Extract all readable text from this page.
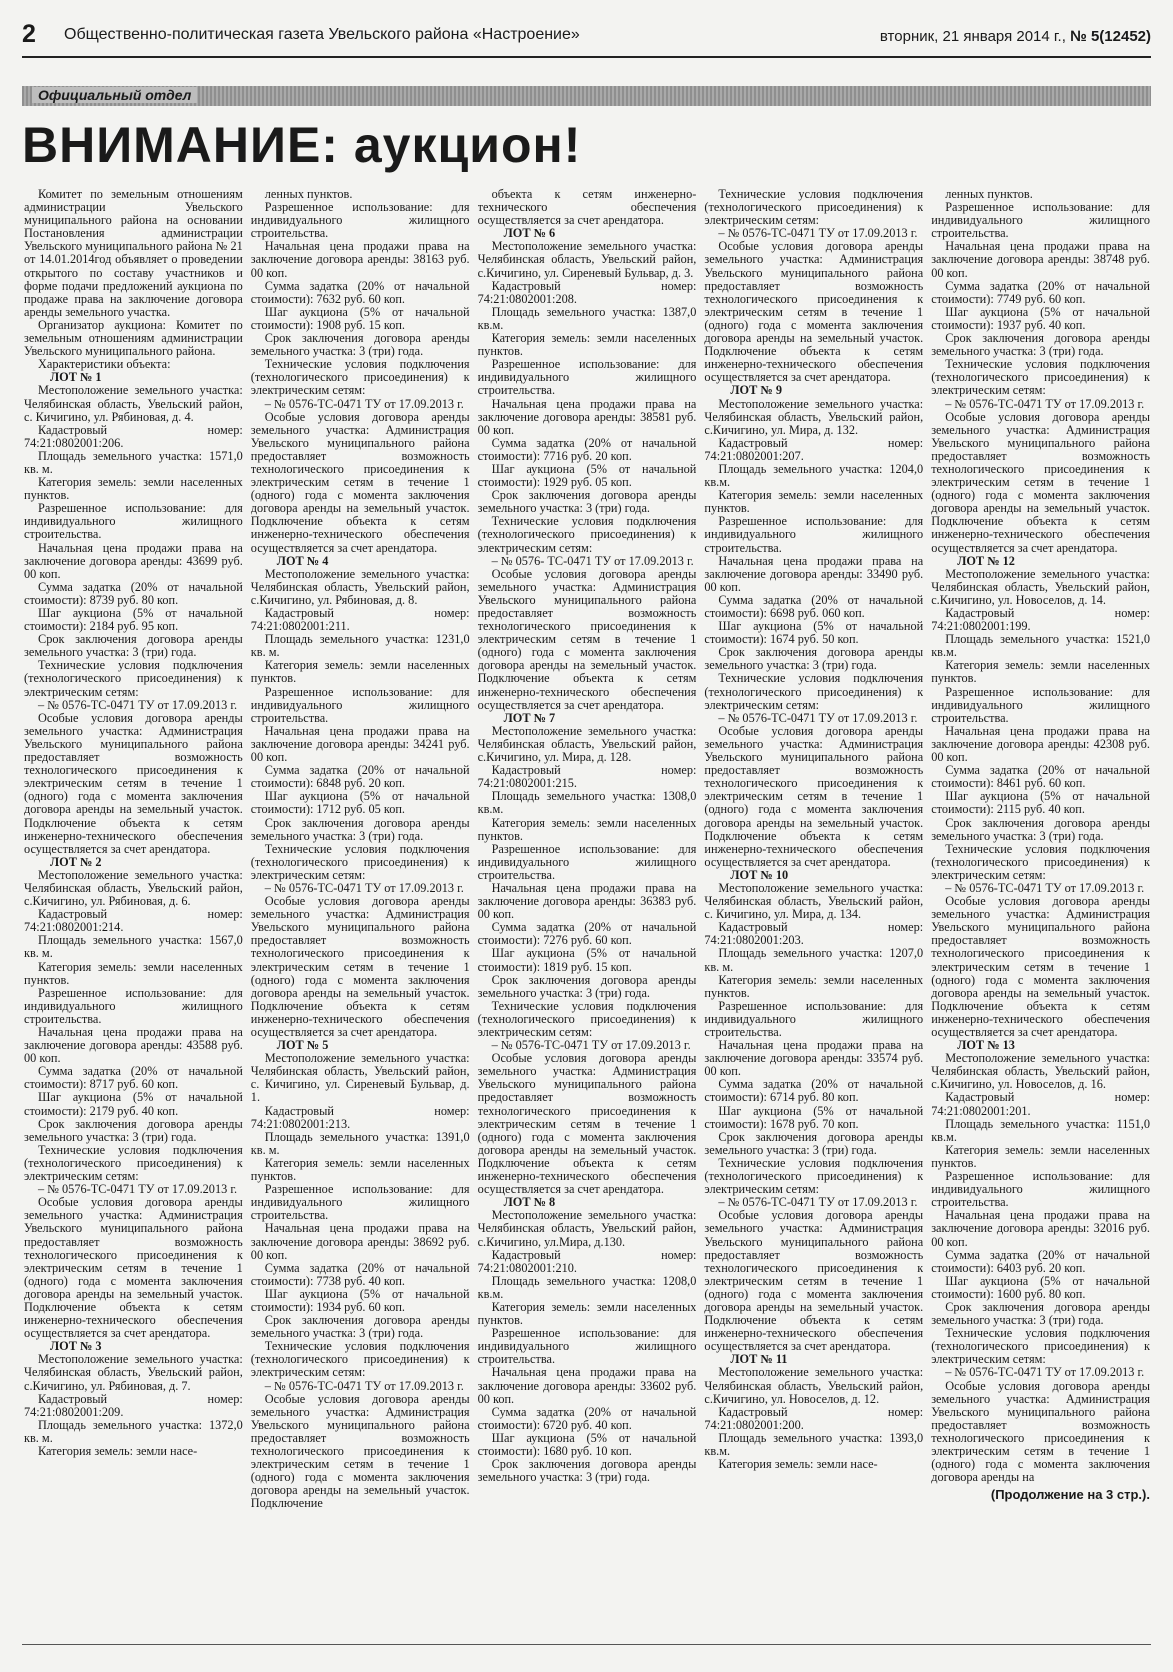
2 Общественно-политическая газета Увельского района «Настроение»	вторник, 21 января 2014 г., № 5(12452)
Официальный отдел
ВНИМАНИЕ: аукцион!

Комитет по земельным отношениям администрации Увельского муниципального района на основании Постановления администрации Увельского муниципального района № 21 от 14.01.2014год объявляет о проведении открытого по составу участников и форме подачи предложений аукциона по продаже права на заключение договора аренды земельного участка.

Организатор аукциона: Комитет по земельным отношениям администрации Увельского муниципального района.

Характеристики объекта:

ЛОТ № 1

Местоположение земельного участка: Челябинская область, Увельский район, с. Кичигино, ул. Рябиновая, д. 4.

Кадастровый номер: 74:21:0802001:206.

Площадь земельного участка: 1571,0 кв. м.

Категория земель: земли населенных пунктов.

Разрешенное использование: для индивидуального жилищного строительства.

Начальная цена продажи права на заключение договора аренды: 43699 руб. 00 коп.

Сумма задатка (20% от начальной стоимости): 8739 руб. 80 коп.

Шаг аукциона (5% от начальной стоимости): 2184 руб. 95 коп.

Срок заключения договора аренды земельного участка: 3 (три) года.

Технические условия подключения (технологического присоединения) к электрическим сетям:

– № 0576-ТС-0471 ТУ от 17.09.2013 г.

Особые условия договора аренды земельного участка: Администрация Увельского муниципального района предоставляет возможность технологического присоединения к электрическим сетям в течение 1 (одного) года с момента заключения договора аренды на земельный участок. Подключение объекта к сетям инженерно-технического обеспечения осуществляется за счет арендатора.

ЛОТ № 2

Местоположение земельного участка: Челябинская область, Увельский район, с.Кичигино, ул. Рябиновая, д. 6.

Кадастровый номер: 74:21:0802001:214.

Площадь земельного участка: 1567,0 кв. м.

Категория земель: земли населенных пунктов.

Разрешенное использование: для индивидуального жилищного строительства.

Начальная цена продажи права на заключение договора аренды: 43588 руб. 00 коп.

Сумма задатка (20% от начальной стоимости): 8717 руб. 60 коп.

Шаг аукциона (5% от начальной стоимости): 2179 руб. 40 коп.

Срок заключения договора аренды земельного участка: 3 (три) года.

Технические условия подключения (технологического присоединения) к электрическим сетям:

– № 0576-ТС-0471 ТУ от 17.09.2013 г.

Особые условия договора аренды земельного участка: Администрация Увельского муниципального района предоставляет возможность технологического присоединения к электрическим сетям в течение 1 (одного) года с момента заключения договора аренды на земельный участок. Подключение объекта к сетям инженерно-технического обеспечения осуществляется за счет арендатора.

ЛОТ № 3

Местоположение земельного участка: Челябинская область, Увельский район, с.Кичигино, ул. Рябиновая, д. 7.

Кадастровый номер: 74:21:0802001:209.

Площадь земельного участка: 1372,0 кв. м.

Категория земель: земли насе-

ленных пунктов.

Разрешенное использование: для индивидуального жилищного строительства.

Начальная цена продажи права на заключение договора аренды: 38163 руб. 00 коп.

Сумма задатка (20% от начальной стоимости): 7632 руб. 60 коп.

Шаг аукциона (5% от начальной стоимости): 1908 руб. 15 коп.

Срок заключения договора аренды земельного участка: 3 (три) года.

Технические условия подключения (технологического присоединения) к электрическим сетям:

– № 0576-ТС-0471 ТУ от 17.09.2013 г.

Особые условия договора аренды земельного участка: Администрация Увельского муниципального района предоставляет возможность технологического присоединения к электрическим сетям в течение 1 (одного) года с момента заключения договора аренды на земельный участок. Подключение объекта к сетям инженерно-технического обеспечения осуществляется за счет арендатора.

ЛОТ № 4

Местоположение земельного участка: Челябинская область, Увельский район, с.Кичигино, ул. Рябиновая, д. 8.

Кадастровый номер: 74:21:0802001:211.

Площадь земельного участка: 1231,0 кв. м.

Категория земель: земли населенных пунктов.

Разрешенное использование: для индивидуального жилищного строительства.

Начальная цена продажи права на заключение договора аренды: 34241 руб. 00 коп.

Сумма задатка (20% от начальной стоимости): 6848 руб. 20 коп.

Шаг аукциона (5% от начальной стоимости): 1712 руб. 05 коп.

Срок заключения договора аренды земельного участка: 3 (три) года.

Технические условия подключения (технологического присоединения) к электрическим сетям:

– № 0576-ТС-0471 ТУ от 17.09.2013 г.

Особые условия договора аренды земельного участка: Администрация Увельского муниципального района предоставляет возможность технологического присоединения к электрическим сетям в течение 1 (одного) года с момента заключения договора аренды на земельный участок. Подключение объекта к сетям инженерно-технического обеспечения осуществляется за счет арендатора.

ЛОТ № 5

Местоположение земельного участка: Челябинская область, Увельский район, с. Кичигино, ул. Сиреневый Бульвар, д. 1.

Кадастровый номер: 74:21:0802001:213.

Площадь земельного участка: 1391,0 кв. м.

Категория земель: земли населенных пунктов.

Разрешенное использование: для индивидуального жилищного строительства.

Начальная цена продажи права на заключение договора аренды: 38692 руб. 00 коп.

Сумма задатка (20% от начальной стоимости): 7738 руб. 40 коп.

Шаг аукциона (5% от начальной стоимости): 1934 руб. 60 коп.

Срок заключения договора аренды земельного участка: 3 (три) года.

Технические условия подключения (технологического присоединения) к электрическим сетям:

– № 0576-ТС-0471 ТУ от 17.09.2013 г.

Особые условия договора аренды земельного участка: Администрация Увельского муниципального района предоставляет возможность технологического присоединения к электрическим сетям в течение 1 (одного) года с момента заключения договора аренды на земельный участок. Подключение

объекта к сетям инженерно-технического обеспечения осуществляется за счет арендатора.

ЛОТ № 6

Местоположение земельного участка: Челябинская область, Увельский район, с.Кичигино, ул. Сиреневый Бульвар, д. 3.

Кадастровый номер: 74:21:0802001:208.

Площадь земельного участка: 1387,0 кв.м.

Категория земель: земли населенных пунктов.

Разрешенное использование: для индивидуального жилищного строительства.

Начальная цена продажи права на заключение договора аренды: 38581 руб. 00 коп.

Сумма задатка (20% от начальной стоимости): 7716 руб. 20 коп.

Шаг аукциона (5% от начальной стоимости): 1929 руб. 05 коп.

Срок заключения договора аренды земельного участка: 3 (три) года.

Технические условия подключения (технологического присоединения) к электрическим сетям:

– № 0576- ТС-0471 ТУ от 17.09.2013 г.

Особые условия договора аренды земельного участка: Администрация Увельского муниципального района предоставляет возможность технологического присоединения к электрическим сетям в течение 1 (одного) года с момента заключения договора аренды на земельный участок. Подключение объекта к сетям инженерно-технического обеспечения осуществляется за счет арендатора.

ЛОТ № 7

Местоположение земельного участка: Челябинская область, Увельский район, с.Кичигино, ул. Мира, д. 128.

Кадастровый номер: 74:21:0802001:215.

Площадь земельного участка: 1308,0 кв.м.

Категория земель: земли населенных пунктов.

Разрешенное использование: для индивидуального жилищного строительства.

Начальная цена продажи права на заключение договора аренды: 36383 руб. 00 коп.

Сумма задатка (20% от начальной стоимости): 7276 руб. 60 коп.

Шаг аукциона (5% от начальной стоимости): 1819 руб. 15 коп.

Срок заключения договора аренды земельного участка: 3 (три) года.

Технические условия подключения (технологического присоединения) к электрическим сетям:

– № 0576-ТС-0471 ТУ от 17.09.2013 г.

Особые условия договора аренды земельного участка: Администрация Увельского муниципального района предоставляет возможность технологического присоединения к электрическим сетям в течение 1 (одного) года с момента заключения договора аренды на земельный участок. Подключение объекта к сетям инженерно-технического обеспечения осуществляется за счет арендатора.

ЛОТ № 8

Местоположение земельного участка: Челябинская область, Увельский район, с.Кичигино, ул.Мира, д.130.

Кадастровый номер: 74:21:0802001:210.

Площадь земельного участка: 1208,0 кв.м.

Категория земель: земли населенных пунктов.

Разрешенное использование: для индивидуального жилищного строительства.

Начальная цена продажи права на заключение договора аренды: 33602 руб. 00 коп.

Сумма задатка (20% от начальной стоимости): 6720 руб. 40 коп.

Шаг аукциона (5% от начальной стоимости): 1680 руб. 10 коп.

Срок заключения договора аренды земельного участка: 3 (три) года.

Технические условия подключения (технологического присоединения) к электрическим сетям:

– № 0576-ТС-0471 ТУ от 17.09.2013 г.

Особые условия договора аренды земельного участка: Администрация Увельского муниципального района предоставляет возможность технологического присоединения к электрическим сетям в течение 1 (одного) года с момента заключения договора аренды на земельный участок. Подключение объекта к сетям инженерно-технического обеспечения осуществляется за счет арендатора.

ЛОТ № 9

Местоположение земельного участка: Челябинская область, Увельский район, с.Кичигино, ул. Мира, д. 132.

Кадастровый номер: 74:21:0802001:207.

Площадь земельного участка: 1204,0 кв.м.

Категория земель: земли населенных пунктов.

Разрешенное использование: для индивидуального жилищного строительства.

Начальная цена продажи права на заключение договора аренды: 33490 руб. 00 коп.

Сумма задатка (20% от начальной стоимости): 6698 руб. 060 коп.

Шаг аукциона (5% от начальной стоимости): 1674 руб. 50 коп.

Срок заключения договора аренды земельного участка: 3 (три) года.

Технические условия подключения (технологического присоединения) к электрическим сетям:

– № 0576-ТС-0471 ТУ от 17.09.2013 г.

Особые условия договора аренды земельного участка: Администрация Увельского муниципального района предоставляет возможность технологического присоединения к электрическим сетям в течение 1 (одного) года с момента заключения договора аренды на земельный участок. Подключение объекта к сетям инженерно-технического обеспечения осуществляется за счет арендатора.

ЛОТ № 10

Местоположение земельного участка: Челябинская область, Увельский район, с. Кичигино, ул. Мира, д. 134.

Кадастровый номер: 74:21:0802001:203.

Площадь земельного участка: 1207,0 кв. м.

Категория земель: земли населенных пунктов.

Разрешенное использование: для индивидуального жилищного строительства.

Начальная цена продажи права на заключение договора аренды: 33574 руб. 00 коп.

Сумма задатка (20% от начальной стоимости): 6714 руб. 80 коп.

Шаг аукциона (5% от начальной стоимости): 1678 руб. 70 коп.

Срок заключения договора аренды земельного участка: 3 (три) года.

Технические условия подключения (технологического присоединения) к электрическим сетям:

– № 0576-ТС-0471 ТУ от 17.09.2013 г.

Особые условия договора аренды земельного участка: Администрация Увельского муниципального района предоставляет возможность технологического присоединения к электрическим сетям в течение 1 (одного) года с момента заключения договора аренды на земельный участок. Подключение объекта к сетям инженерно-технического обеспечения осуществляется за счет арендатора.

ЛОТ № 11

Местоположение земельного участка: Челябинская область, Увельский район, с.Кичигино, ул. Новоселов, д. 12.

Кадастровый номер: 74:21:0802001:200.

Площадь земельного участка: 1393,0 кв.м.

Категория земель: земли насе-

ленных пунктов.

Разрешенное использование: для индивидуального жилищного строительства.

Начальная цена продажи права на заключение договора аренды: 38748 руб. 00 коп.

Сумма задатка (20% от начальной стоимости): 7749 руб. 60 коп.

Шаг аукциона (5% от начальной стоимости): 1937 руб. 40 коп.

Срок заключения договора аренды земельного участка: 3 (три) года.

Технические условия подключения (технологического присоединения) к электрическим сетям:

– № 0576-ТС-0471 ТУ от 17.09.2013 г.

Особые условия договора аренды земельного участка: Администрация Увельского муниципального района предоставляет возможность технологического присоединения к электрическим сетям в течение 1 (одного) года с момента заключения договора аренды на земельный участок. Подключение объекта к сетям инженерно-технического обеспечения осуществляется за счет арендатора.

ЛОТ № 12

Местоположение земельного участка: Челябинская область, Увельский район, с.Кичигино, ул. Новоселов, д. 14.

Кадастровый номер: 74:21:0802001:199.

Площадь земельного участка: 1521,0 кв.м.

Категория земель: земли населенных пунктов.

Разрешенное использование: для индивидуального жилищного строительства.

Начальная цена продажи права на заключение договора аренды: 42308 руб. 00 коп.

Сумма задатка (20% от начальной стоимости): 8461 руб. 60 коп.

Шаг аукциона (5% от начальной стоимости): 2115 руб. 40 коп.

Срок заключения договора аренды земельного участка: 3 (три) года.

Технические условия подключения (технологического присоединения) к электрическим сетям:

– № 0576-ТС-0471 ТУ от 17.09.2013 г.

Особые условия договора аренды земельного участка: Администрация Увельского муниципального района предоставляет возможность технологического присоединения к электрическим сетям в течение 1 (одного) года с момента заключения договора аренды на земельный участок. Подключение объекта к сетям инженерно-технического обеспечения осуществляется за счет арендатора.

ЛОТ № 13

Местоположение земельного участка: Челябинская область, Увельский район, с.Кичигино, ул. Новоселов, д. 16.

Кадастровый номер: 74:21:0802001:201.

Площадь земельного участка: 1151,0 кв.м.

Категория земель: земли населенных пунктов.

Разрешенное использование: для индивидуального жилищного строительства.

Начальная цена продажи права на заключение договора аренды: 32016 руб. 00 коп.

Сумма задатка (20% от начальной стоимости): 6403 руб. 20 коп.

Шаг аукциона (5% от начальной стоимости): 1600 руб. 80 коп.

Срок заключения договора аренды земельного участка: 3 (три) года.

Технические условия подключения (технологического присоединения) к электрическим сетям:

– № 0576-ТС-0471 ТУ от 17.09.2013 г.

Особые условия договора аренды земельного участка: Администрация Увельского муниципального района предоставляет возможность технологического присоединения к электрическим сетям в течение 1 (одного) года с момента заключения договора аренды на

(Продолжение на 3 стр.).
